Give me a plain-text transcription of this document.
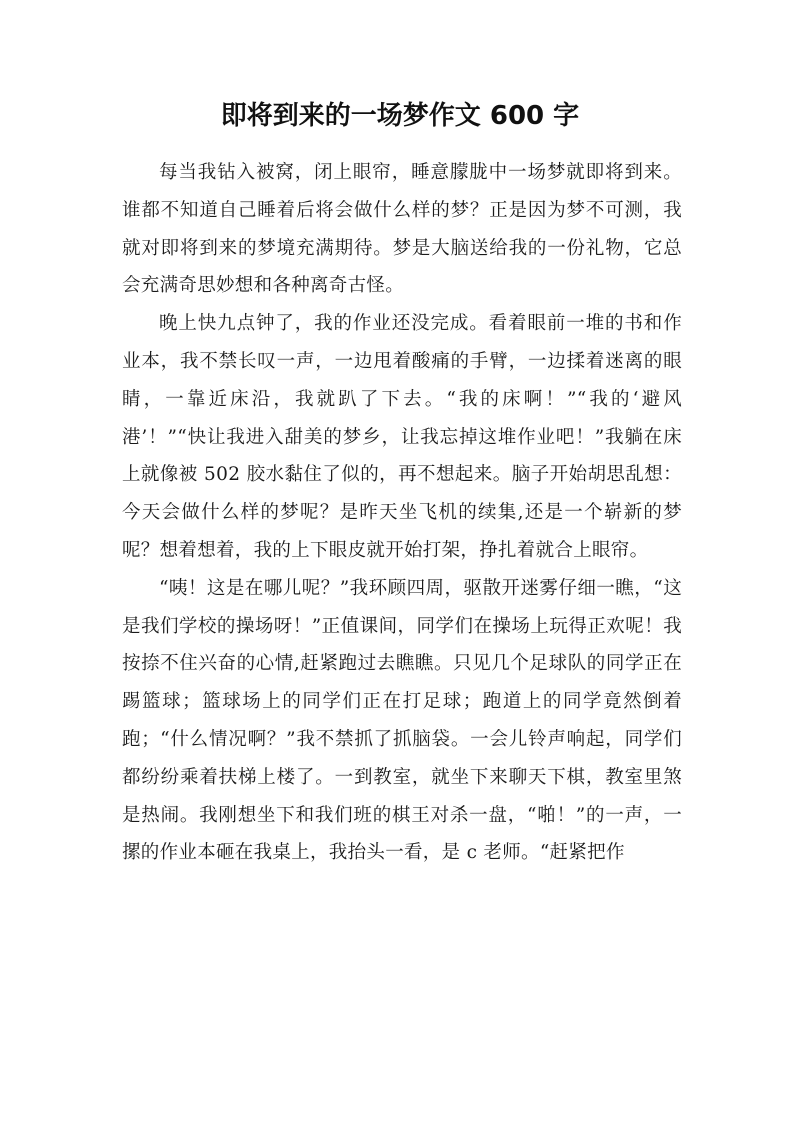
即将到来的一场梦作文 600 字

每当我钻入被窝，闭上眼帘，睡意朦胧中一场梦就即将到来。谁都不知道自己睡着后将会做什么样的梦？正是因为梦不可测，我就对即将到来的梦境充满期待。梦是大脑送给我的一份礼物，它总会充满奇思妙想和各种离奇古怪。

晚上快九点钟了，我的作业还没完成。看着眼前一堆的书和作业本，我不禁长叹一声，一边甩着酸痛的手臂，一边揉着迷离的眼睛，一靠近床沿，我就趴了下去。“我的床啊！”“我的‘避风港’！”“快让我进入甜美的梦乡，让我忘掉这堆作业吧！”我躺在床上就像被 502 胶水黏住了似的，再不想起来。脑子开始胡思乱想：今天会做什么样的梦呢？是昨天坐飞机的续集,还是一个崭新的梦呢？想着想着，我的上下眼皮就开始打架，挣扎着就合上眼帘。

“咦！这是在哪儿呢？”我环顾四周，驱散开迷雾仔细一瞧，“这是我们学校的操场呀！”正值课间，同学们在操场上玩得正欢呢！我按捺不住兴奋的心情,赶紧跑过去瞧瞧。只见几个足球队的同学正在踢篮球；篮球场上的同学们正在打足球；跑道上的同学竟然倒着跑；“什么情况啊？”我不禁抓了抓脑袋。一会儿铃声响起，同学们都纷纷乘着扶梯上楼了。一到教室，就坐下来聊天下棋，教室里煞是热闹。我刚想坐下和我们班的棋王对杀一盘，“啪！”的一声，一摞的作业本砸在我桌上，我抬头一看，是 c 老师。“赶紧把作
